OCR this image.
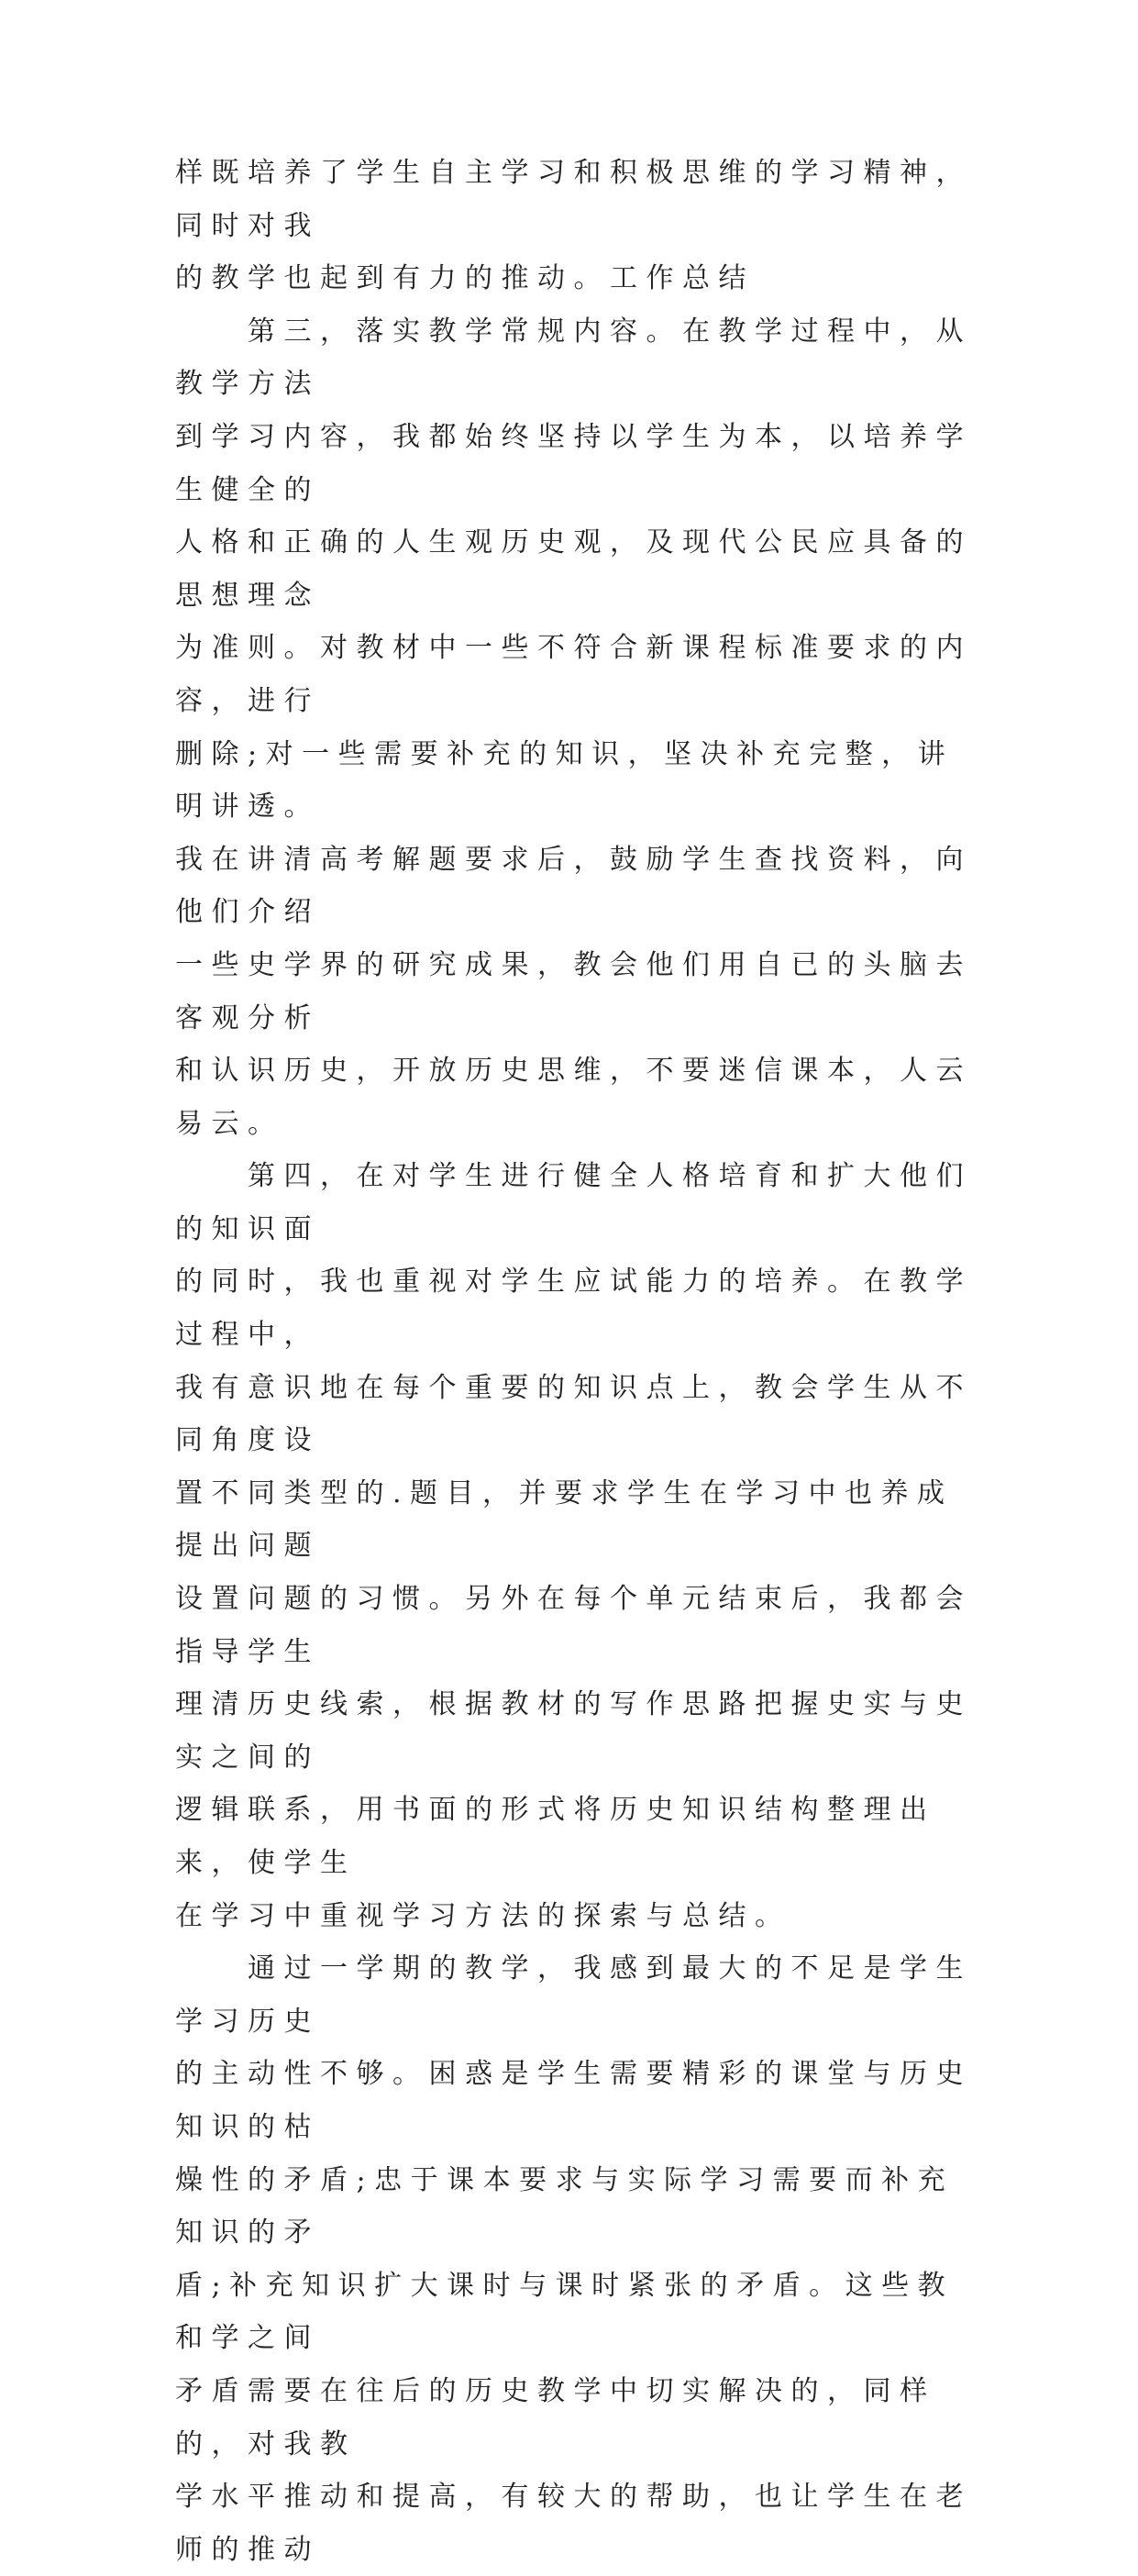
样既培养了学生自主学习和积极思维的学习精神，同时对我
的教学也起到有力的推动。工作总结

　　第三，落实教学常规内容。在教学过程中，从教学方法
到学习内容，我都始终坚持以学生为本，以培养学生健全的
人格和正确的人生观历史观，及现代公民应具备的思想理念
为准则。对教材中一些不符合新课程标准要求的内容，进行
删除;对一些需要补充的知识，坚决补充完整，讲明讲透。
我在讲清高考解题要求后，鼓励学生查找资料，向他们介绍
一些史学界的研究成果，教会他们用自已的头脑去客观分析
和认识历史，开放历史思维，不要迷信课本，人云易云。

　　第四，在对学生进行健全人格培育和扩大他们的知识面
的同时，我也重视对学生应试能力的培养。在教学过程中，
我有意识地在每个重要的知识点上，教会学生从不同角度设
置不同类型的.题目，并要求学生在学习中也养成提出问题
设置问题的习惯。另外在每个单元结束后，我都会指导学生
理清历史线索，根据教材的写作思路把握史实与史实之间的
逻辑联系，用书面的形式将历史知识结构整理出来，使学生
在学习中重视学习方法的探索与总结。

　　通过一学期的教学，我感到最大的不足是学生学习历史
的主动性不够。困惑是学生需要精彩的课堂与历史知识的枯
燥性的矛盾;忠于课本要求与实际学习需要而补充知识的矛
盾;补充知识扩大课时与课时紧张的矛盾。这些教和学之间
矛盾需要在往后的历史教学中切实解决的，同样的，对我教
学水平推动和提高，有较大的帮助，也让学生在老师的推动
